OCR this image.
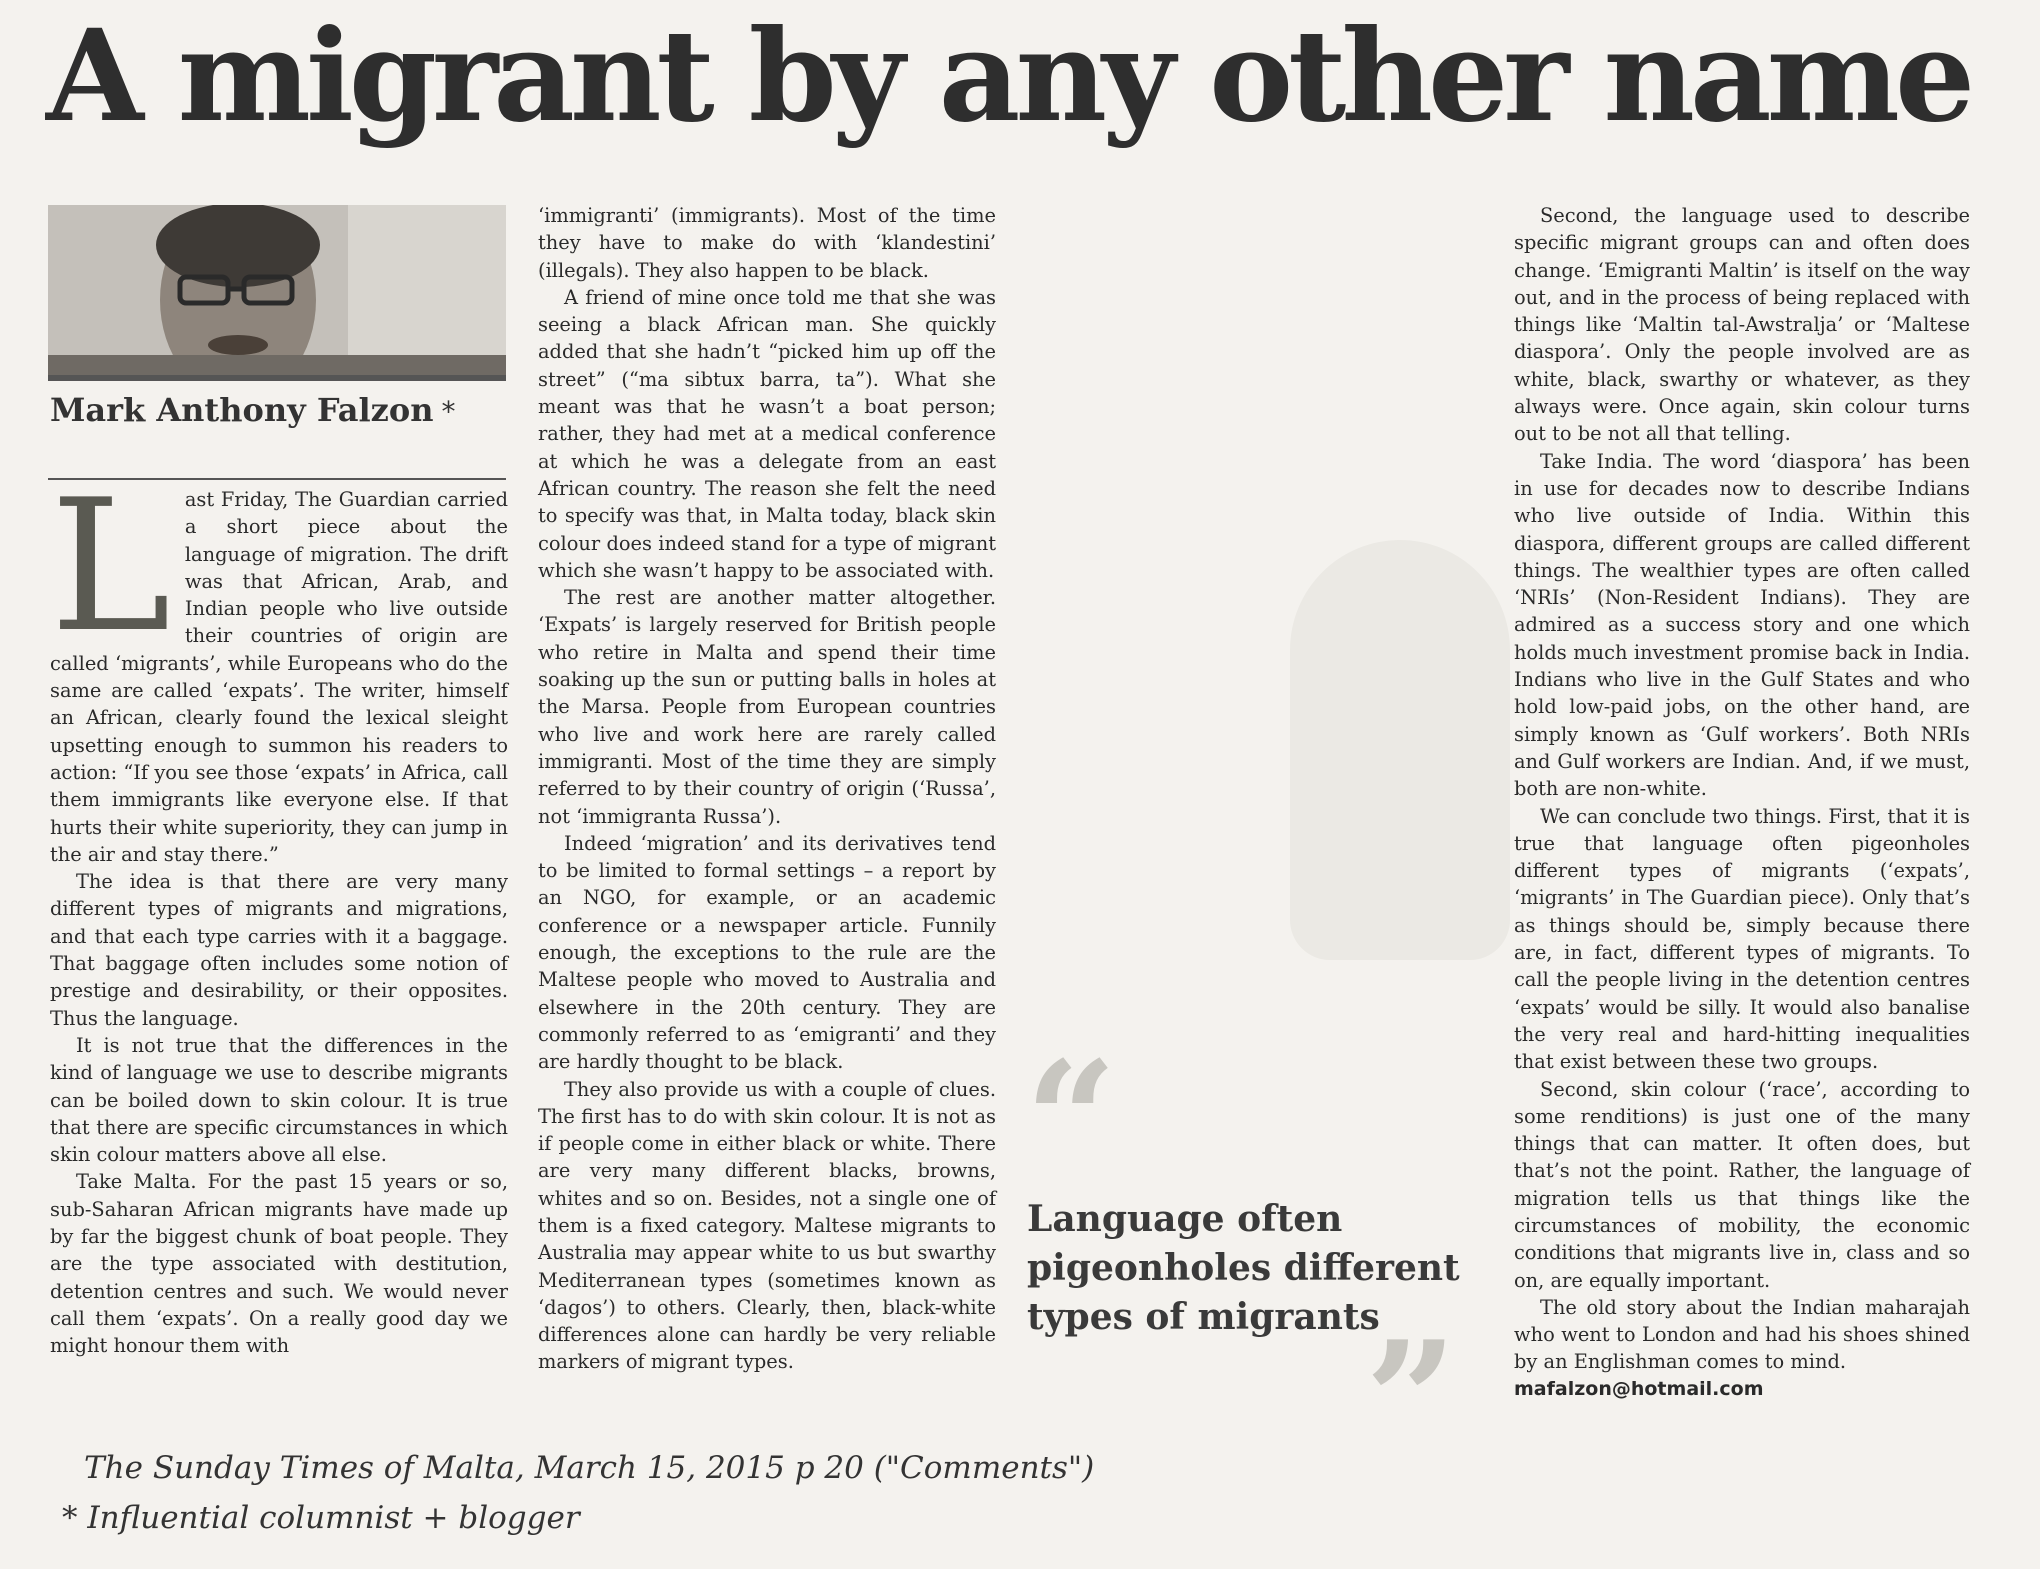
A migrant by any other name
Mark Anthony Falzon *
L ast Friday, The Guardian carried a short piece about the language of migration. The drift was that African, Arab, and Indian people who live outside their countries of origin are called ‘migrants’, while Europeans who do the same are called ‘expats’. The writer, himself an African, clearly found the lexical sleight upsetting enough to summon his readers to action: “If you see those ‘expats’ in Africa, call them immigrants like everyone else. If that hurts their white superiority, they can jump in the air and stay there.”

The idea is that there are very many different types of migrants and migrations, and that each type carries with it a baggage. That baggage often includes some notion of prestige and desirability, or their opposites. Thus the language.

It is not true that the differences in the kind of language we use to describe migrants can be boiled down to skin colour. It is true that there are specific circumstances in which skin colour matters above all else.

Take Malta. For the past 15 years or so, sub-Saharan African migrants have made up by far the biggest chunk of boat people. They are the type associated with destitution, detention centres and such. We would never call them ‘expats’. On a really good day we might honour them with

‘immigranti’ (immigrants). Most of the time they have to make do with ‘klandestini’ (illegals). They also happen to be black.

A friend of mine once told me that she was seeing a black African man. She quickly added that she hadn’t “picked him up off the street” (“ma sibtux barra, ta”). What she meant was that he wasn’t a boat person; rather, they had met at a medical conference at which he was a delegate from an east African country. The reason she felt the need to specify was that, in Malta today, black skin colour does indeed stand for a type of migrant which she wasn’t happy to be associated with.

The rest are another matter altogether. ‘Expats’ is largely reserved for British people who retire in Malta and spend their time soaking up the sun or putting balls in holes at the Marsa. People from European countries who live and work here are rarely called immigranti. Most of the time they are simply referred to by their country of origin (‘Russa’, not ‘immigranta Russa’).

Indeed ‘migration’ and its derivatives tend to be limited to formal settings – a report by an NGO, for example, or an academic conference or a newspaper article. Funnily enough, the exceptions to the rule are the Maltese people who moved to Australia and elsewhere in the 20th century. They are commonly referred to as ‘emigranti’ and they are hardly thought to be black.

They also provide us with a couple of clues. The first has to do with skin colour. It is not as if people come in either black or white. There are very many different blacks, browns, whites and so on. Besides, not a single one of them is a fixed category. Maltese migrants to Australia may appear white to us but swarthy Mediterranean types (sometimes known as ‘dagos’) to others. Clearly, then, black-white differences alone can hardly be very reliable markers of migrant types.

“
Language often pigeonholes different types of migrants
”

Second, the language used to describe specific migrant groups can and often does change. ‘Emigranti Maltin’ is itself on the way out, and in the process of being replaced with things like ‘Maltin tal-Awstralja’ or ‘Maltese diaspora’. Only the people involved are as white, black, swarthy or whatever, as they always were. Once again, skin colour turns out to be not all that telling.

Take India. The word ‘diaspora’ has been in use for decades now to describe Indians who live outside of India. Within this diaspora, different groups are called different things. The wealthier types are often called ‘NRIs’ (Non-Resident Indians). They are admired as a success story and one which holds much investment promise back in India. Indians who live in the Gulf States and who hold low-paid jobs, on the other hand, are simply known as ‘Gulf workers’. Both NRIs and Gulf workers are Indian. And, if we must, both are non-white.

We can conclude two things. First, that it is true that language often pigeonholes different types of migrants (‘expats’, ‘migrants’ in The Guardian piece). Only that’s as things should be, simply because there are, in fact, different types of migrants. To call the people living in the detention centres ‘expats’ would be silly. It would also banalise the very real and hard-hitting inequalities that exist between these two groups.

Second, skin colour (‘race’, according to some renditions) is just one of the many things that can matter. It often does, but that’s not the point. Rather, the language of migration tells us that things like the circumstances of mobility, the economic conditions that migrants live in, class and so on, are equally important.

The old story about the Indian maharajah who went to London and had his shoes shined by an Englishman comes to mind.

mafalzon@hotmail.com

The Sunday Times of Malta, March 15, 2015 p 20 ("Comments")
* Influential columnist + blogger
